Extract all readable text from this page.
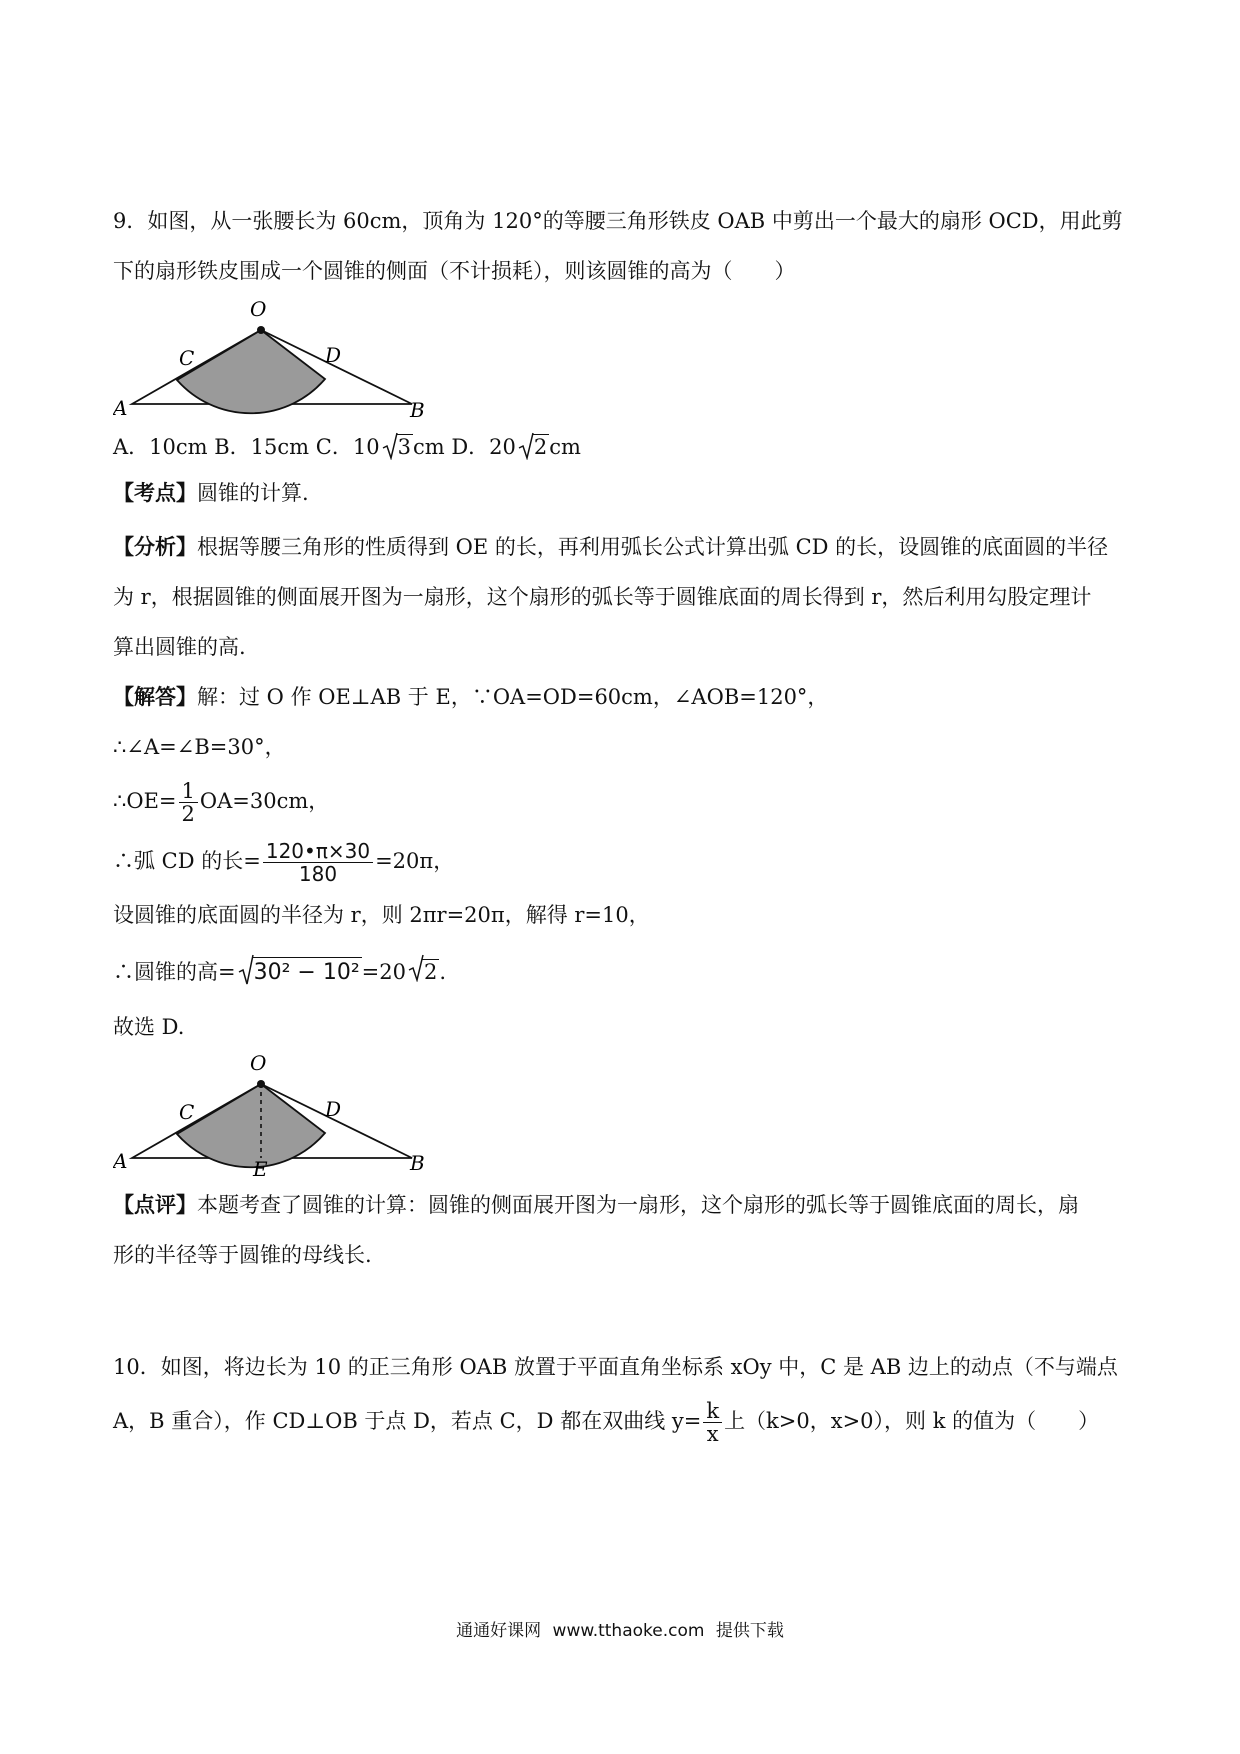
9．如图，从一张腰长为 60cm，顶角为 120°的等腰三角形铁皮 OAB 中剪出一个最大的扇形 OCD，用此剪
下的扇形铁皮围成一个圆锥的侧面（不计损耗），则该圆锥的高为（　　）
O
C	D
A	B
A．10cm B．15cm C．10 3cm D．20 2cm
【考点】圆锥的计算.
【分析】根据等腰三角形的性质得到 OE 的长，再利用弧长公式计算出弧 CD 的长，设圆锥的底面圆的半径
为 r，根据圆锥的侧面展开图为一扇形，这个扇形的弧长等于圆锥底面的周长得到 r，然后利用勾股定理计
算出圆锥的高.
【解答】解：过 O 作 OE⊥AB 于 E，∵OA=OD=60cm，∠AOB=120°，
∴∠A=∠B=30°，
∴OE= $\frac{1}{2} OA=30cm$，
∴弧 CD 的长= $\frac{120•\pi\times 30}{180} =20\pi$，
设圆锥的底面圆的半径为 r，则 2πr=20π，解得 r=10，
∴圆锥的高= 30² − 10²=20 2.
故选 D.
O
C	D
A	B
E
【点评】本题考查了圆锥的计算：圆锥的侧面展开图为一扇形，这个扇形的弧长等于圆锥底面的周长，扇
形的半径等于圆锥的母线长.
10．如图，将边长为 10 的正三角形 OAB 放置于平面直角坐标系 xOy 中，C 是 AB 边上的动点（不与端点
A，B 重合），作 CD⊥OB 于点 D，若点 C，D 都在双曲线 $y= \frac{k}{x}$ 上（k>0，x>0），则 k 的值为（　　）
通通好课网 www.tthaoke.com 提供下载
